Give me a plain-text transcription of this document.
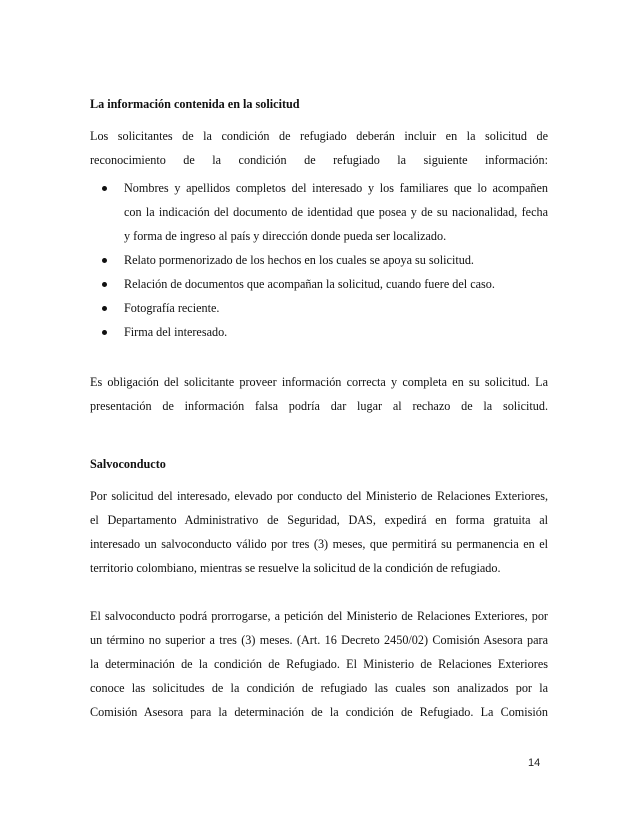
La información contenida en la solicitud

Los solicitantes de la condición de refugiado deberán incluir en la solicitud de
reconocimiento de la condición de refugiado la siguiente información:
Nombres y apellidos completos del interesado y los familiares que lo acompañen
con la indicación del documento de identidad que posea y de su nacionalidad, fecha
y forma de ingreso al país y dirección donde pueda ser localizado.
Relato pormenorizado de los hechos en los cuales se apoya su solicitud.
Relación de documentos que acompañan la solicitud, cuando fuere del caso.
Fotografía reciente.
Firma del interesado.
Es obligación del solicitante proveer información correcta y completa en su solicitud. La
presentación de información falsa podría dar lugar al rechazo de la solicitud.

Salvoconducto

Por solicitud del interesado, elevado por conducto del Ministerio de Relaciones Exteriores,
el Departamento Administrativo de Seguridad, DAS, expedirá en forma gratuita al
interesado un salvoconducto válido por tres (3) meses, que permitirá su permanencia en el
territorio colombiano, mientras se resuelve la solicitud de la condición de refugiado.
El salvoconducto podrá prorrogarse, a petición del Ministerio de Relaciones Exteriores, por
un término no superior a tres (3) meses. (Art. 16 Decreto 2450/02) Comisión Asesora para
la determinación de la condición de Refugiado. El Ministerio de Relaciones Exteriores
conoce las solicitudes de la condición de refugiado las cuales son analizados por la
Comisión Asesora para la determinación de la condición de Refugiado. La Comisión
14
